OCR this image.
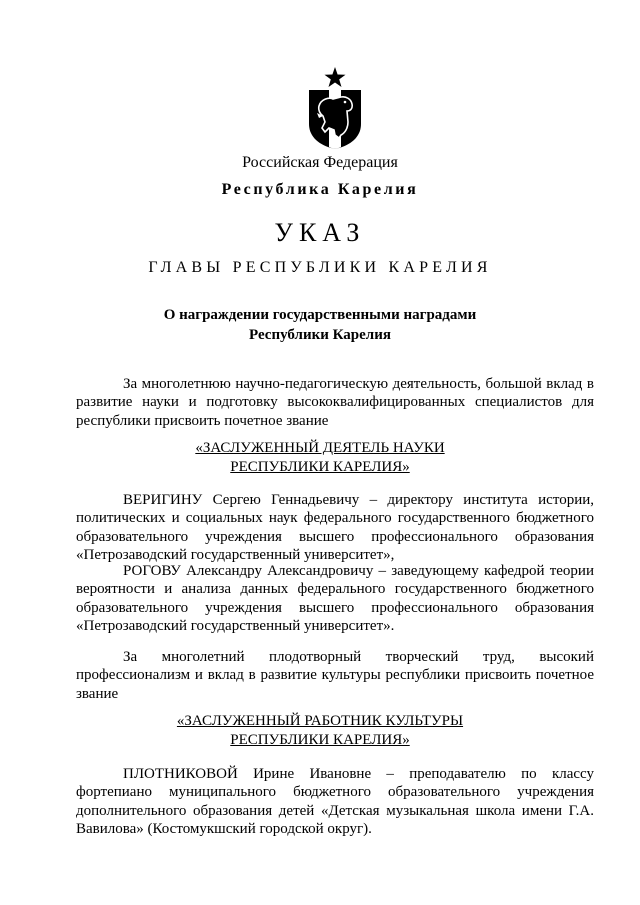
Российская Федерация
Республика Карелия
УКАЗ
ГЛАВЫ РЕСПУБЛИКИ КАРЕЛИЯ
О награждении государственными наградами
Республики Карелия
За многолетнюю научно-педагогическую деятельность, большой вклад в развитие науки и подготовку высококвалифицированных специалистов для республики присвоить почетное звание
«ЗАСЛУЖЕННЫЙ ДЕЯТЕЛЬ НАУКИ
РЕСПУБЛИКИ КАРЕЛИЯ»
ВЕРИГИНУ Сергею Геннадьевичу – директору института истории, политических и социальных наук федерального государственного бюджетного образовательного учреждения высшего профессионального образования «Петрозаводский государственный университет»,
РОГОВУ Александру Александровичу – заведующему кафедрой теории вероятности и анализа данных федерального государственного бюджетного образовательного учреждения высшего профессионального образования «Петрозаводский государственный университет».
За многолетний плодотворный творческий труд, высокий
профессионализм и вклад в развитие культуры республики присвоить почетное звание
«ЗАСЛУЖЕННЫЙ РАБОТНИК КУЛЬТУРЫ
РЕСПУБЛИКИ КАРЕЛИЯ»
ПЛОТНИКОВОЙ Ирине Ивановне – преподавателю по классу фортепиано муниципального бюджетного образовательного учреждения дополнительного образования детей «Детская музыкальная школа имени Г.А. Вавилова» (Костомукшский городской округ).
